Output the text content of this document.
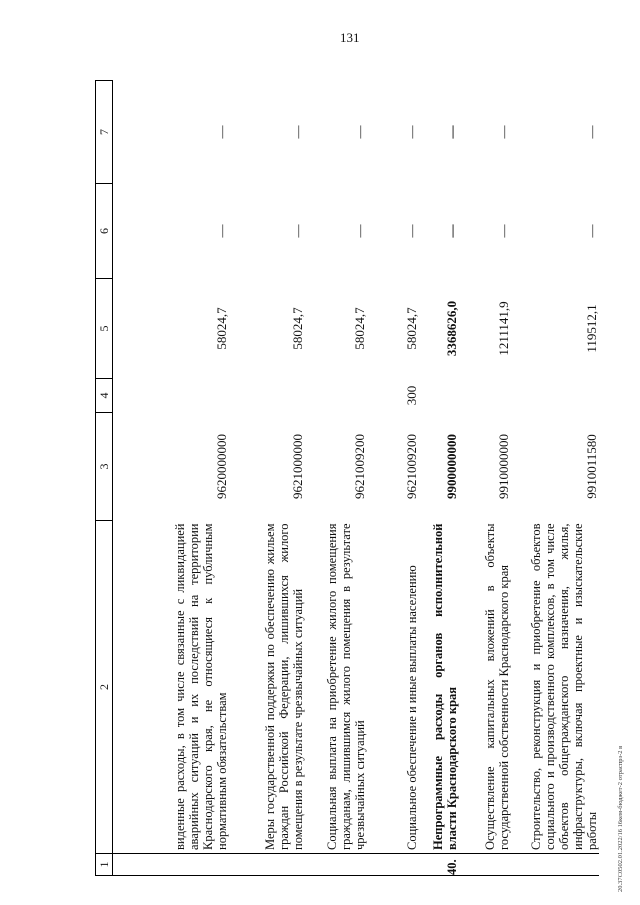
131
1	2	3	4	5	6	7
	виденные расходы, в том числе связанные с ликвидацией аварийных ситуаций и их последствий на территории Краснодарского края, не относящиеся к публичным нормативным обязательствам	9620000000		58024,7	—	—
	Меры государственной поддержки по обеспечению жильем граждан Российской Федерации, лишившихся жилого помещения в результате чрезвычайных ситуаций	9621000000		58024,7	—	—
	Социальная выплата на приобретение жилого помещения гражданам, лишившимся жилого помещения в результате чрезвычайных ситуаций	9621009200		58024,7	—	—
	Социальное обеспечение и иные выплаты населению	9621009200	300	58024,7	—	—
40.	Непрограммные расходы органов исполнительной власти Краснодарского края	9900000000		3368626,0	—	—
	Осуществление капитальных вложений в объекты государственной собственности Краснодарского края	9910000000		1211141,9	—	—
	Строительство, реконструкция и приобретение объектов социального и производственного комплексов, в том числе объектов общегражданского назначения, жилья, инфраструктуры, включая проектные и изыскательские работы	9910011580		119512,1	—	—
20.37C0502.01.2022/16 16кем-бюджет-2 отраспрз-2 в
